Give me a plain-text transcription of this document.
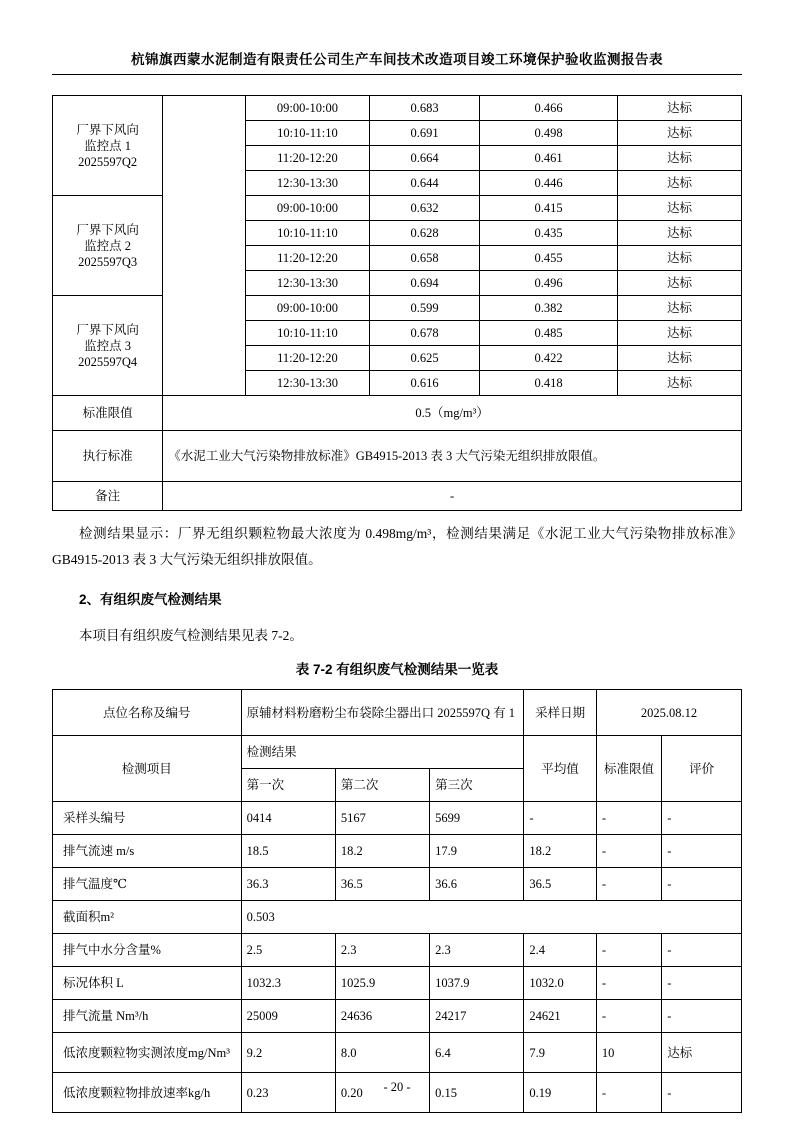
杭锦旗西蒙水泥制造有限责任公司生产车间技术改造项目竣工环境保护验收监测报告表
厂界下风向
监控点 1
2025597Q2		09:00-10:00	0.683	0.466	达标
		10:10-11:10	0.691	0.498	达标
		11:20-12:20	0.664	0.461	达标
		12:30-13:30	0.644	0.446	达标
厂界下风向
监控点 2
2025597Q3		09:00-10:00	0.632	0.415	达标
		10:10-11:10	0.628	0.435	达标
		11:20-12:20	0.658	0.455	达标
		12:30-13:30	0.694	0.496	达标
厂界下风向
监控点 3
2025597Q4		09:00-10:00	0.599	0.382	达标
		10:10-11:10	0.678	0.485	达标
		11:20-12:20	0.625	0.422	达标
		12:30-13:30	0.616	0.418	达标
标准限值	0.5（mg/m³）				
执行标准	《水泥工业大气污染物排放标准》GB4915-2013 表 3 大气污染无组织排放限值。				
备注	-				

检测结果显示：厂界无组织颗粒物最大浓度为 0.498mg/m³，检测结果满足《水泥工业大气污染物排放标准》GB4915-2013 表 3 大气污染无组织排放限值。

2、有组织废气检测结果

本项目有组织废气检测结果见表 7-2。

表 7-2 有组织废气检测结果一览表

点位名称及编号	原辅材料粉磨粉尘布袋除尘器出口 2025597Q 有 1			采样日期	2025.08.12	
检测项目	检测结果			平均值	标准限值	评价
	第一次	第二次	第三次			
采样头编号	0414	5167	5699	-	-	-
排气流速 m/s	18.5	18.2	17.9	18.2	-	-
排气温度℃	36.3	36.5	36.6	36.5	-	-
截面积m²	0.503					
排气中水分含量%	2.5	2.3	2.3	2.4	-	-
标况体积 L	1032.3	1025.9	1037.9	1032.0	-	-
排气流量 Nm³/h	25009	24636	24217	24621	-	-
低浓度颗粒物实测浓度mg/Nm³	9.2	8.0	6.4	7.9	10	达标
低浓度颗粒物排放速率kg/h	0.23	0.20	0.15	0.19	-	-
- 20 -
